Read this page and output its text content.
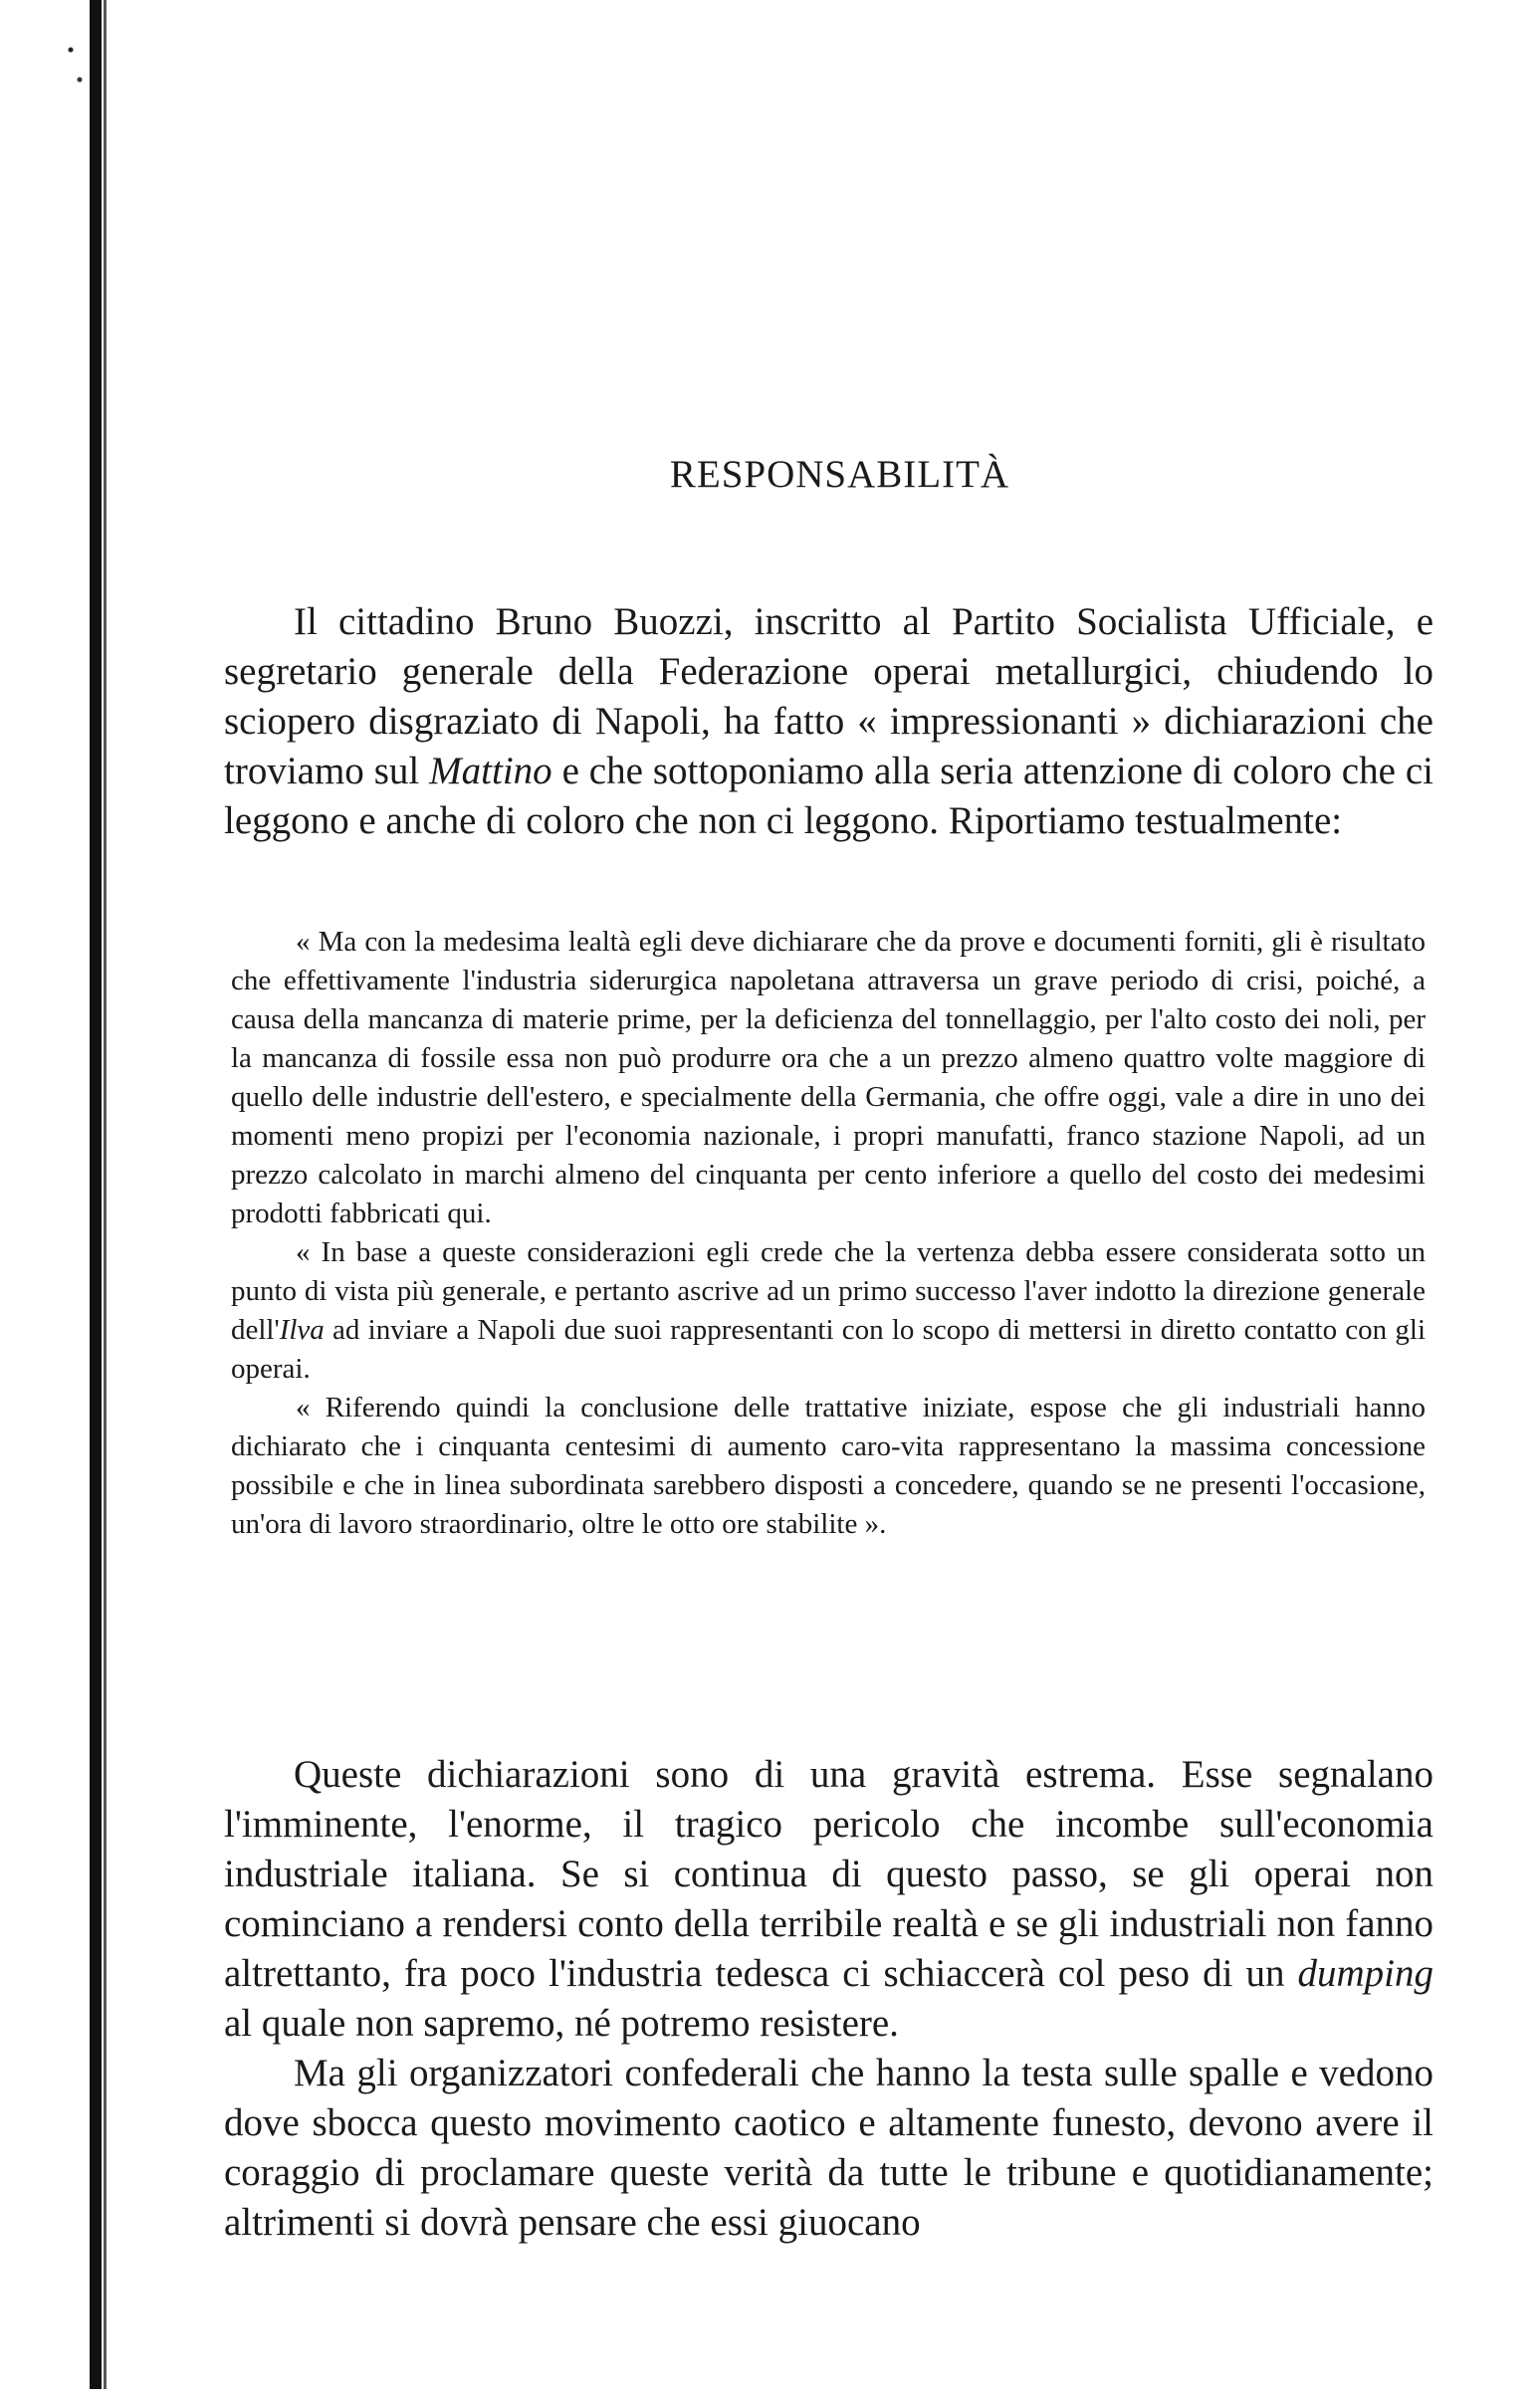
RESPONSABILITÀ

Il cittadino Bruno Buozzi, inscritto al Partito Socialista Ufficiale, e segretario generale della Federazione operai metallurgici, chiudendo lo sciopero disgraziato di Napoli, ha fatto « impressionanti » dichiarazioni che troviamo sul Mattino e che sottoponiamo alla seria attenzione di coloro che ci leggono e anche di coloro che non ci leggono. Riportiamo testualmente:

« Ma con la medesima lealtà egli deve dichiarare che da prove e documenti forniti, gli è risultato che effettivamente l'industria siderurgica napoletana attraversa un grave periodo di crisi, poiché, a causa della mancanza di materie prime, per la deficienza del tonnellaggio, per l'alto costo dei noli, per la mancanza di fossile essa non può produrre ora che a un prezzo almeno quattro volte maggiore di quello delle industrie dell'estero, e specialmente della Germania, che offre oggi, vale a dire in uno dei momenti meno propizi per l'economia nazionale, i propri manufatti, franco stazione Napoli, ad un prezzo calcolato in marchi almeno del cinquanta per cento inferiore a quello del costo dei medesimi prodotti fabbricati qui.

« In base a queste considerazioni egli crede che la vertenza debba essere considerata sotto un punto di vista più generale, e pertanto ascrive ad un primo successo l'aver indotto la direzione generale dell'Ilva ad inviare a Napoli due suoi rappresentanti con lo scopo di mettersi in diretto contatto con gli operai.

« Riferendo quindi la conclusione delle trattative iniziate, espose che gli industriali hanno dichiarato che i cinquanta centesimi di aumento caro-vita rappresentano la massima concessione possibile e che in linea subordinata sarebbero disposti a concedere, quando se ne presenti l'occasione, un'ora di lavoro straordinario, oltre le otto ore stabilite ».

Queste dichiarazioni sono di una gravità estrema. Esse segnalano l'imminente, l'enorme, il tragico pericolo che incombe sull'economia industriale italiana. Se si continua di questo passo, se gli operai non cominciano a rendersi conto della terribile realtà e se gli industriali non fanno altrettanto, fra poco l'industria tedesca ci schiaccerà col peso di un dumping al quale non sapremo, né potremo resistere.

Ma gli organizzatori confederali che hanno la testa sulle spalle e vedono dove sbocca questo movimento caotico e altamente funesto, devono avere il coraggio di proclamare queste verità da tutte le tribune e quotidianamente; altrimenti si dovrà pensare che essi giuocano
